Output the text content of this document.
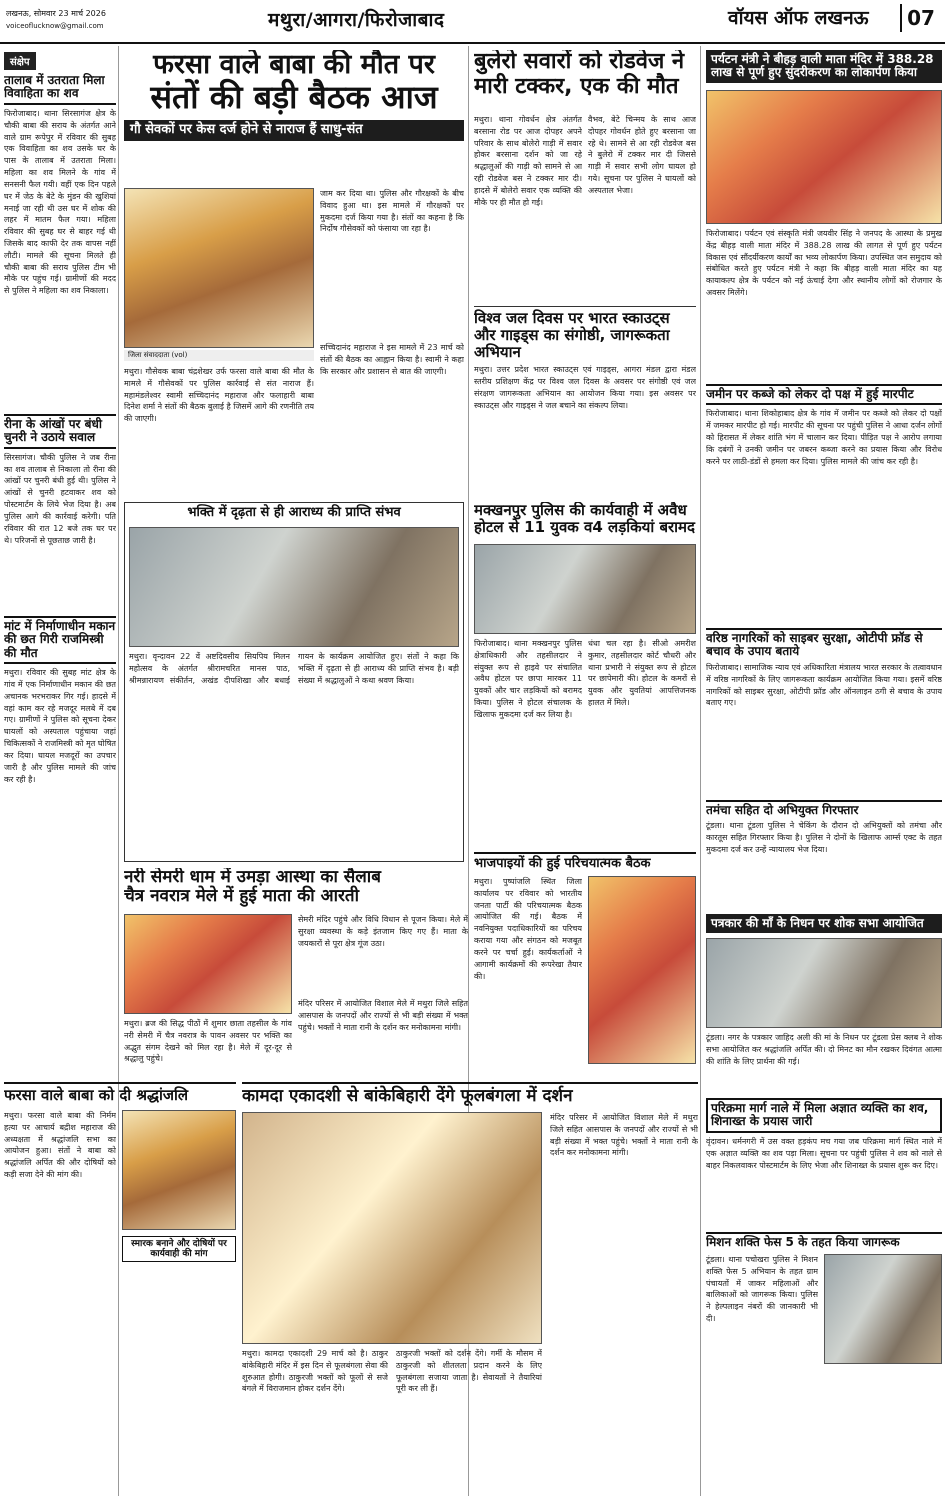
लखनऊ, सोमवार 23 मार्च 2026
voiceoflucknow@gmail.com	मथुरा/आगरा/फिरोजाबाद	वॉयस ऑफ लखनऊ	07
संक्षेप
तालाब में उतराता मिला विवाहिता का शव
फिरोजाबाद। थाना सिरसागंज क्षेत्र के चौकी बाबा की सराय के अंतर्गत आने वाले ग्राम रूपेपुर में रविवार की सुबह एक विवाहिता का शव उसके घर के पास के तालाब में उतराता मिला। महिला का शव मिलने के गांव में सनसनी फैल गयी। वहीं एक दिन पहले घर में जेठ के बेटे के मुंडन की खुशियां मनाई जा रही थी उस घर में शोक की लहर में मातम फैल गया। महिला रविवार की सुबह घर से बाहर गई थी जिसके बाद काफी देर तक वापस नहीं लौटी। मामले की सूचना मिलते ही चौकी बाबा की सराय पुलिस टीम भी मौके पर पहुंच गई। ग्रामीणों की मदद से पुलिस ने महिला का शव निकाला।
रीना के आंखों पर बंधी चुनरी ने उठाये सवाल
सिरसागंज। चौकी पुलिस ने जब रीना का शव तालाब से निकाला तो रीना की आंखों पर चुनरी बंधी हुई थी। पुलिस ने आंखों से चुनरी हटवाकर शव को पोस्टमार्टम के लिये भेज दिया है। अब पुलिस आगे की कार्रवाई करेगी। पति रविवार की रात 12 बजे तक घर पर थे। परिजनों से पूछताछ जारी है।
मांट में निर्माणाधीन मकान की छत गिरी राजमिस्त्री की मौत
मथुरा। रविवार की सुबह मांट क्षेत्र के गांव में एक निर्माणाधीन मकान की छत अचानक भरभराकर गिर गई। हादसे में वहां काम कर रहे मजदूर मलबे में दब गए। ग्रामीणों ने पुलिस को सूचना देकर घायलों को अस्पताल पहुंचाया जहां चिकित्सकों ने राजमिस्त्री को मृत घोषित कर दिया। घायल मजदूरों का उपचार जारी है और पुलिस मामले की जांच कर रही है।
फरसा वाले बाबा की मौत पर
संतों की बड़ी बैठक आज
गौ सेवकों पर केस दर्ज होने से नाराज हैं साधु-संत
जिला संवाददाता (vol)
मथुरा। गौसेवक बाबा चंद्रशेखर उर्फ फरसा वाले बाबा की मौत के मामले में गौसेवकों पर पुलिस कार्रवाई से संत नाराज हैं। महामंडलेश्वर स्वामी सच्चिदानंद महाराज और फलाहारी बाबा दिनेश शर्मा ने संतों की बैठक बुलाई है जिसमें आगे की रणनीति तय की जाएगी।
जाम कर दिया था। पुलिस और गौरक्षकों के बीच विवाद हुआ था। इस मामले में गौरक्षकों पर मुकदमा दर्ज किया गया है। संतों का कहना है कि निर्दोष गौसेवकों को फंसाया जा रहा है।
सच्चिदानंद महाराज ने इस मामले में 23 मार्च को संतों की बैठक का आह्वान किया है। स्वामी ने कहा कि सरकार और प्रशासन से बात की जाएगी।
भक्ति में दृढ़ता से ही आराध्य की प्राप्ति संभव
मथुरा। वृन्दावन 22 वें अष्टदिवसीय सियपिय मिलन महोत्सव के अंतर्गत श्रीरामचरित मानस पाठ, श्रीमन्नारायण संकीर्तन, अखंड दीपशिखा और बधाई गायन के कार्यक्रम आयोजित हुए। संतों ने कहा कि भक्ति में दृढ़ता से ही आराध्य की प्राप्ति संभव है। बड़ी संख्या में श्रद्धालुओं ने कथा श्रवण किया।
बुलेरो सवारों को रोडवेज ने मारी टक्कर, एक की मौत
मथुरा। थाना गोवर्धन क्षेत्र अंतर्गत बरसाना रोड पर आज दोपहर अपने परिवार के साथ बोलेरो गाड़ी में सवार होकर बरसाना दर्शन को जा रहे श्रद्धालुओं की गाड़ी को सामने से आ रही रोडवेज बस ने टक्कर मार दी। हादसे में बोलेरो सवार एक व्यक्ति की मौके पर ही मौत हो गई।
वैभव, बेटे चिन्मय के साथ आज दोपहर गोवर्धन होते हुए बरसाना जा रहे थे। सामने से आ रही रोडवेज बस ने बुलेरो में टक्कर मार दी जिससे गाड़ी में सवार सभी लोग घायल हो गये। सूचना पर पुलिस ने घायलों को अस्पताल भेजा।
विश्व जल दिवस पर भारत स्काउट्स और गाइड्स का संगोष्ठी, जागरूकता अभियान
मथुरा। उत्तर प्रदेश भारत स्काउट्स एवं गाइड्स, आगरा मंडल द्वारा मंडल स्तरीय प्रशिक्षण केंद्र पर विश्व जल दिवस के अवसर पर संगोष्ठी एवं जल संरक्षण जागरूकता अभियान का आयोजन किया गया। इस अवसर पर स्काउट्स और गाइड्स ने जल बचाने का संकल्प लिया।
पर्यटन मंत्री ने बीहड़ वाली माता मंदिर में 388.28 लाख से पूर्ण हुए सुंदरीकरण का लोकार्पण किया
फिरोजाबाद। पर्यटन एवं संस्कृति मंत्री जयवीर सिंह ने जनपद के आस्था के प्रमुख केंद्र बीहड़ वाली माता मंदिर में 388.28 लाख की लागत से पूर्ण हुए पर्यटन विकास एवं सौंदर्यीकरण कार्यों का भव्य लोकार्पण किया। उपस्थित जन समुदाय को संबोधित करते हुए पर्यटन मंत्री ने कहा कि बीहड़ वाली माता मंदिर का यह कायाकल्प क्षेत्र के पर्यटन को नई ऊंचाई देगा और स्थानीय लोगों को रोजगार के अवसर मिलेंगे।
जमीन पर कब्जे को लेकर दो पक्ष में हुई मारपीट
फिरोजाबाद। थाना शिकोहाबाद क्षेत्र के गांव में जमीन पर कब्जे को लेकर दो पक्षों में जमकर मारपीट हो गई। मारपीट की सूचना पर पहुंची पुलिस ने आधा दर्जन लोगों को हिरासत में लेकर शांति भंग में चालान कर दिया। पीड़ित पक्ष ने आरोप लगाया कि दबंगों ने उनकी जमीन पर जबरन कब्जा करने का प्रयास किया और विरोध करने पर लाठी-डंडों से हमला कर दिया। पुलिस मामले की जांच कर रही है।
मक्खनपुर पुलिस की कार्यवाही में अवैध
होटल से 11 युवक व4 लड़कियां बरामद
फिरोजाबाद। थाना मक्खनपुर पुलिस क्षेत्राधिकारी और तहसीलदार ने संयुक्त रूप से हाइवे पर संचालित अवैध होटल पर छापा मारकर 11 युवकों और चार लड़कियों को बरामद किया। पुलिस ने होटल संचालक के खिलाफ मुकदमा दर्ज कर लिया है।
धंधा चल रहा है। सीओ अमरीश कुमार, तहसीलदार कोर्ट चौधरी और थाना प्रभारी ने संयुक्त रूप से होटल पर छापेमारी की। होटल के कमरों से युवक और युवतियां आपत्तिजनक हालत में मिले।
भाजपाइयों की हुई परिचयात्मक बैठक
मथुरा। पुष्पांजलि स्थित जिला कार्यालय पर रविवार को भारतीय जनता पार्टी की परिचयात्मक बैठक आयोजित की गई। बैठक में नवनियुक्त पदाधिकारियों का परिचय कराया गया और संगठन को मजबूत करने पर चर्चा हुई। कार्यकर्ताओं ने आगामी कार्यक्रमों की रूपरेखा तैयार की।
वरिष्ठ नागरिकों को साइबर सुरक्षा, ओटीपी फ्रॉड से बचाव के उपाय बताये
फिरोजाबाद। सामाजिक न्याय एवं अधिकारिता मंत्रालय भारत सरकार के तत्वावधान में वरिष्ठ नागरिकों के लिए जागरूकता कार्यक्रम आयोजित किया गया। इसमें वरिष्ठ नागरिकों को साइबर सुरक्षा, ओटीपी फ्रॉड और ऑनलाइन ठगी से बचाव के उपाय बताए गए।
तमंचा सहित दो अभियुक्त गिरफ्तार
टूंडला। थाना टूंडला पुलिस ने चेकिंग के दौरान दो अभियुक्तों को तमंचा और कारतूस सहित गिरफ्तार किया है। पुलिस ने दोनों के खिलाफ आर्म्स एक्ट के तहत मुकदमा दर्ज कर उन्हें न्यायालय भेज दिया।
पत्रकार की माँ के निधन पर शोक सभा आयोजित
टूंडला। नगर के पत्रकार जाहिद अली की मां के निधन पर टूंडला प्रेस क्लब ने शोक सभा आयोजित कर श्रद्धांजलि अर्पित की। दो मिनट का मौन रखकर दिवंगत आत्मा की शांति के लिए प्रार्थना की गई।
नरी सेमरी धाम में उमड़ा आस्था का सैलाब
चैत्र नवरात्र मेले में हुई माता की आरती
मथुरा। ब्रज की सिद्ध पीठों में शुमार छाता तहसील के गांव नरी सेमरी में चैत्र नवरात्र के पावन अवसर पर भक्ति का अद्भुत संगम देखने को मिल रहा है। मेले में दूर-दूर से श्रद्धालु पहुंचे।
सेमरी मंदिर पहुंचे और विधि विधान से पूजन किया। मेले में सुरक्षा व्यवस्था के कड़े इंतजाम किए गए हैं। माता के जयकारों से पूरा क्षेत्र गूंज उठा।
मंदिर परिसर में आयोजित विशाल मेले में मथुरा जिले सहित आसपास के जनपदों और राज्यों से भी बड़ी संख्या में भक्त पहुंचे। भक्तों ने माता रानी के दर्शन कर मनोकामना मांगी।
परिक्रमा मार्ग नाले में मिला अज्ञात व्यक्ति का शव, शिनाख्त के प्रयास जारी
वृंदावन। धर्मनगरी में उस वक्त हड़कंप मच गया जब परिक्रमा मार्ग स्थित नाले में एक अज्ञात व्यक्ति का शव पड़ा मिला। सूचना पर पहुंची पुलिस ने शव को नाले से बाहर निकलवाकर पोस्टमार्टम के लिए भेजा और शिनाख्त के प्रयास शुरू कर दिए।
फरसा वाले बाबा को दी श्रद्धांजलि
मथुरा। फरसा वाले बाबा की निर्मम हत्या पर आचार्य बद्रीश महाराज की अध्यक्षता में श्रद्धांजलि सभा का आयोजन हुआ। संतों ने बाबा को श्रद्धांजलि अर्पित की और दोषियों को कड़ी सजा देने की मांग की।
स्मारक बनाने और दोषियों पर कार्यवाही की मांग
कामदा एकादशी से बांकेबिहारी देंगे फूलबंगला में दर्शन
मथुरा। कामदा एकादशी 29 मार्च को है। ठाकुर बांकेबिहारी मंदिर में इस दिन से फूलबंगला सेवा की शुरुआत होगी। ठाकुरजी भक्तों को फूलों से सजे बंगले में विराजमान होकर दर्शन देंगे।
ठाकुरजी भक्तों को दर्शन देंगे। गर्मी के मौसम में ठाकुरजी को शीतलता प्रदान करने के लिए फूलबंगला सजाया जाता है। सेवायतों ने तैयारियां पूरी कर ली हैं।
मंदिर परिसर में आयोजित विशाल मेले में मथुरा जिले सहित आसपास के जनपदों और राज्यों से भी बड़ी संख्या में भक्त पहुंचे। भक्तों ने माता रानी के दर्शन कर मनोकामना मांगी।
मिशन शक्ति फेस 5 के तहत किया जागरूक
टूंडला। थाना पचोखरा पुलिस ने मिशन शक्ति फेस 5 अभियान के तहत ग्राम पंचायतों में जाकर महिलाओं और बालिकाओं को जागरूक किया। पुलिस ने हेल्पलाइन नंबरों की जानकारी भी दी।
